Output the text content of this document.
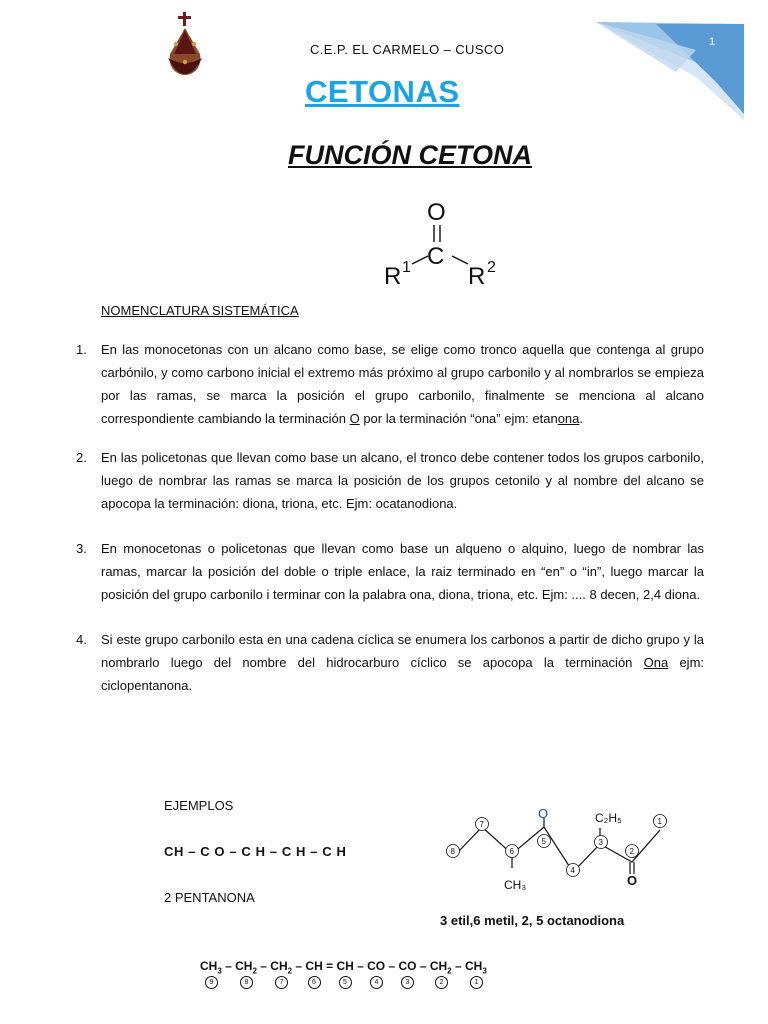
1
C.E.P. EL CARMELO – CUSCO
CETONAS
FUNCIÓN CETONA
O
C
R 1 R 2
NOMENCLATURA SISTEMÁTICA
1. En las monocetonas con un alcano como base, se elige como tronco aquella que contenga al grupo carbónilo, y como carbono inicial el extremo más próximo al grupo carbonilo y al nombrarlos se empieza por las ramas, se marca la posición el grupo carbonilo, finalmente se menciona al alcano correspondiente cambiando la terminación O por la terminación “ona” ejm: etanona.
2. En las policetonas que llevan como base un alcano, el tronco debe contener todos los grupos carbonilo, luego de nombrar las ramas se marca la posición de los grupos cetonilo y al nombre del alcano se apocopa la terminación: diona, triona, etc. Ejm: ocatanodiona.
3. En monocetonas o policetonas que llevan como base un alqueno o alquino, luego de nombrar las ramas, marcar la posición del doble o triple enlace, la raiz terminado en “en” o “in”, luego marcar la posición del grupo carbonilo i terminar con la palabra ona, diona, triona, etc. Ejm: .... 8 decen, 2,4 diona.
4. Si este grupo carbonilo esta en una cadena cíclica se enumera los carbonos a partir de dicho grupo y la nombrarlo luego del nombre del hidrocarburo cíclico se apocopa la terminación Ona ejm: ciclopentanona.
EJEMPLOS
CH – C O – C H – C H – C H
2 PENTANONA
O
O
C₂H₅
CH₃
1
2
3
4
5
6
7
8
3 etil,6 metil, 2, 5 octanodiona
$CH_3 - CH_2 - CH_2$ – CH = CH – CO – CO – $CH_2 - CH_3$
9	8	7	6	5	4	3	2	1
